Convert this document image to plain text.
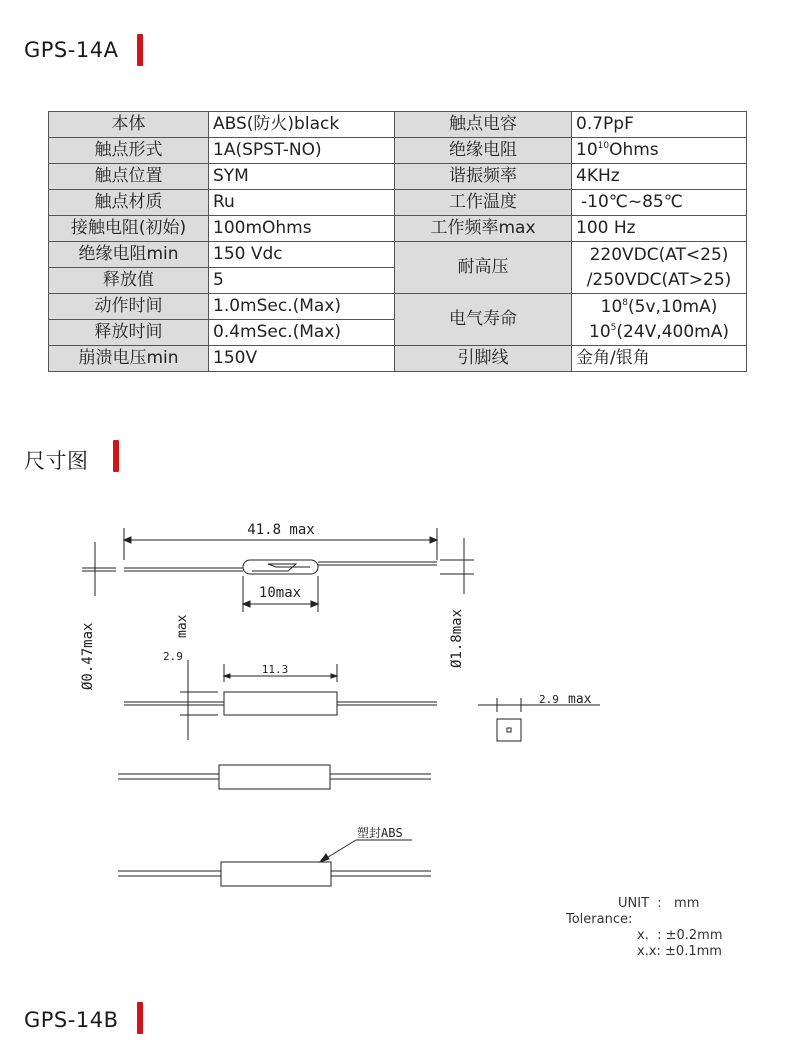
GPS-14A
本体	ABS(防火)black	触点电容	0.7PpF
触点形式	1A(SPST-NO)	绝缘电阻	$10^{10}Ohms$
触点位置	SYM	谐振频率	4KHz
触点材质	Ru	工作温度	-10℃~85℃
接触电阻(初始)	100mOhms	工作频率max	100 Hz
绝缘电阻min	150 Vdc	耐高压	220VDC(AT<25)
/250VDC(AT>25)

释放值	5		
动作时间	1.0mSec.(Max)	电气寿命	$10^8(5v,10mA)$
$10^5(24V,400mA)$

释放时间	0.4mSec.(Max)		
崩溃电压min	150V	引脚线	金角/银角
尺寸图
41.8 max
10max
Ø0.47max	Ø1.8max
max
2.9
11.3
2.9 max
塑封ABS
UNIT  :   mm
Tolerance:
x.  : ±0.2mm
x.x: ±0.1mm
GPS-14B
